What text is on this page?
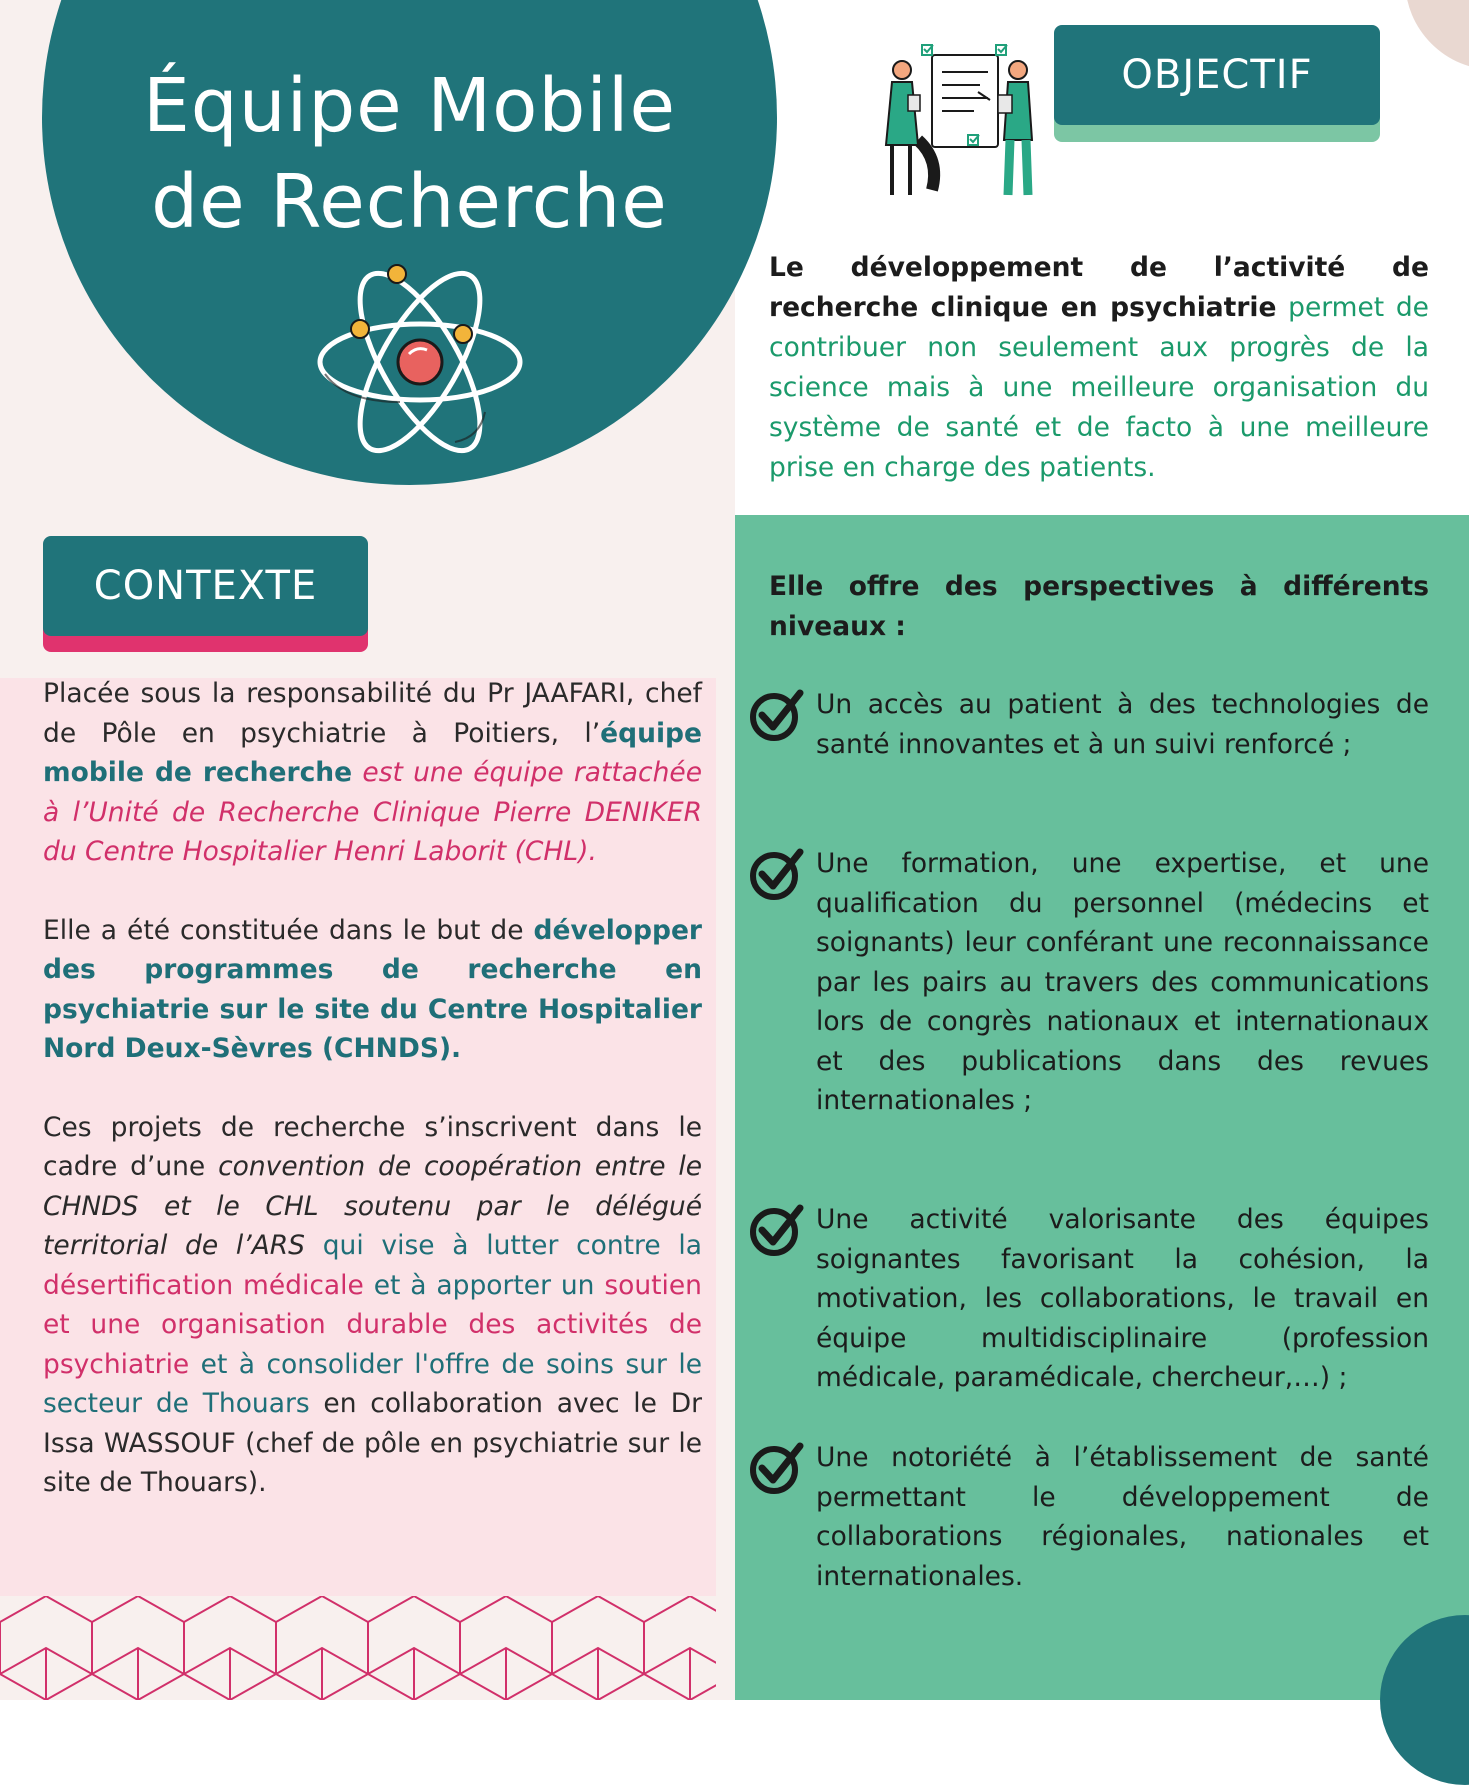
Équipe Mobile
de Recherche
OBJECTIF

Le développement de l’activité de recherche clinique en psychiatrie permet de contribuer non seulement aux progrès de la science mais à une meilleure organisation du système de santé et de facto à une meilleure prise en charge des patients.

CONTEXTE

Placée sous la responsabilité du Pr JAAFARI, chef de Pôle en psychiatrie à Poitiers, l’équipe mobile de recherche est une équipe rattachée à l’Unité de Recherche Clinique Pierre DENIKER du Centre Hospitalier Henri Laborit (CHL).

Elle a été constituée dans le but de développer des programmes de recherche en psychiatrie sur le site du Centre Hospitalier Nord Deux-Sèvres (CHNDS).

Ces projets de recherche s’inscrivent dans le cadre d’une convention de coopération entre le CHNDS et le CHL soutenu par le délégué territorial de l’ARS qui vise à lutter contre la désertification médicale et à apporter un soutien et une organisation durable des activités de psychiatrie et à consolider l'offre de soins sur le secteur de Thouars en collaboration avec le Dr Issa WASSOUF (chef de pôle en psychiatrie sur le site de Thouars).

Elle offre des perspectives à différents niveaux :

Un accès au patient à des technologies de santé innovantes et à un suivi renforcé ;

Une formation, une expertise, et une qualification du personnel (médecins et soignants) leur conférant une reconnaissance par les pairs au travers des communications lors de congrès nationaux et internationaux et des publications dans des revues internationales ;

Une activité valorisante des équipes soignantes favorisant la cohésion, la motivation, les collaborations, le travail en équipe multidisciplinaire (profession médicale, paramédicale, chercheur,…) ;

Une notoriété à l’établissement de santé permettant le développement de collaborations régionales, nationales et internationales.
